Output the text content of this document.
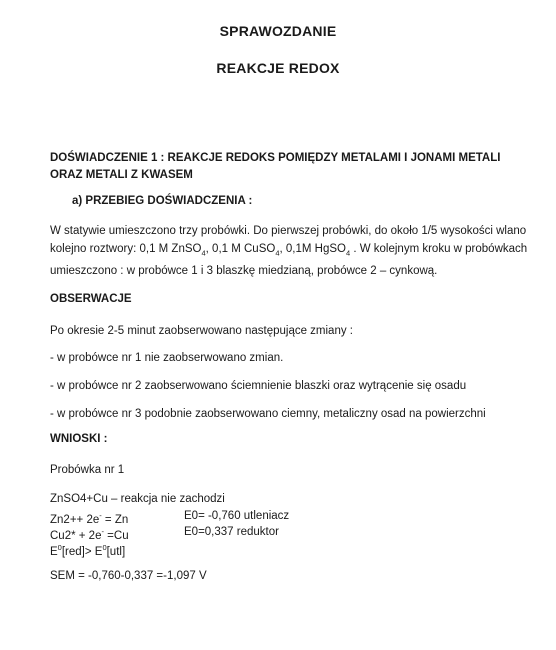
SPRAWOZDANIE
REAKCJE REDOX
DOŚWIADCZENIE 1 : REAKCJE REDOKS POMIĘDZY METALAMI I JONAMI METALI ORAZ METALI Z KWASEM
a) PRZEBIEG DOŚWIADCZENIA :
W statywie umieszczono trzy probówki. Do pierwszej probówki, do około 1/5 wysokości wlano kolejno roztwory: 0,1 M ZnSO$_4$, 0,1 M CuSO$_4$, 0,1M HgSO$_4$ . W kolejnym kroku w probówkach umieszczono : w probówce 1 i 3 blaszkę miedzianą, probówce 2 – cynkową.
OBSERWACJE
Po okresie 2-5 minut zaobserwowano następujące zmiany :
- w probówce nr 1 nie zaobserwowano zmian.
- w probówce nr 2 zaobserwowano ściemnienie blaszki oraz wytrącenie się osadu
- w probówce nr 3 podobnie zaobserwowano ciemny, metaliczny osad na powierzchni
WNIOSKI :
Probówka nr 1
ZnSO4+Cu – reakcja nie zachodzi
Zn2++ 2e- = Zn	E0= -0,760 utleniacz
Cu2* + 2e- =Cu	E0=0,337 reduktor
$E^0[red]> E^0[utl]$
SEM = -0,760-0,337 =-1,097 V
